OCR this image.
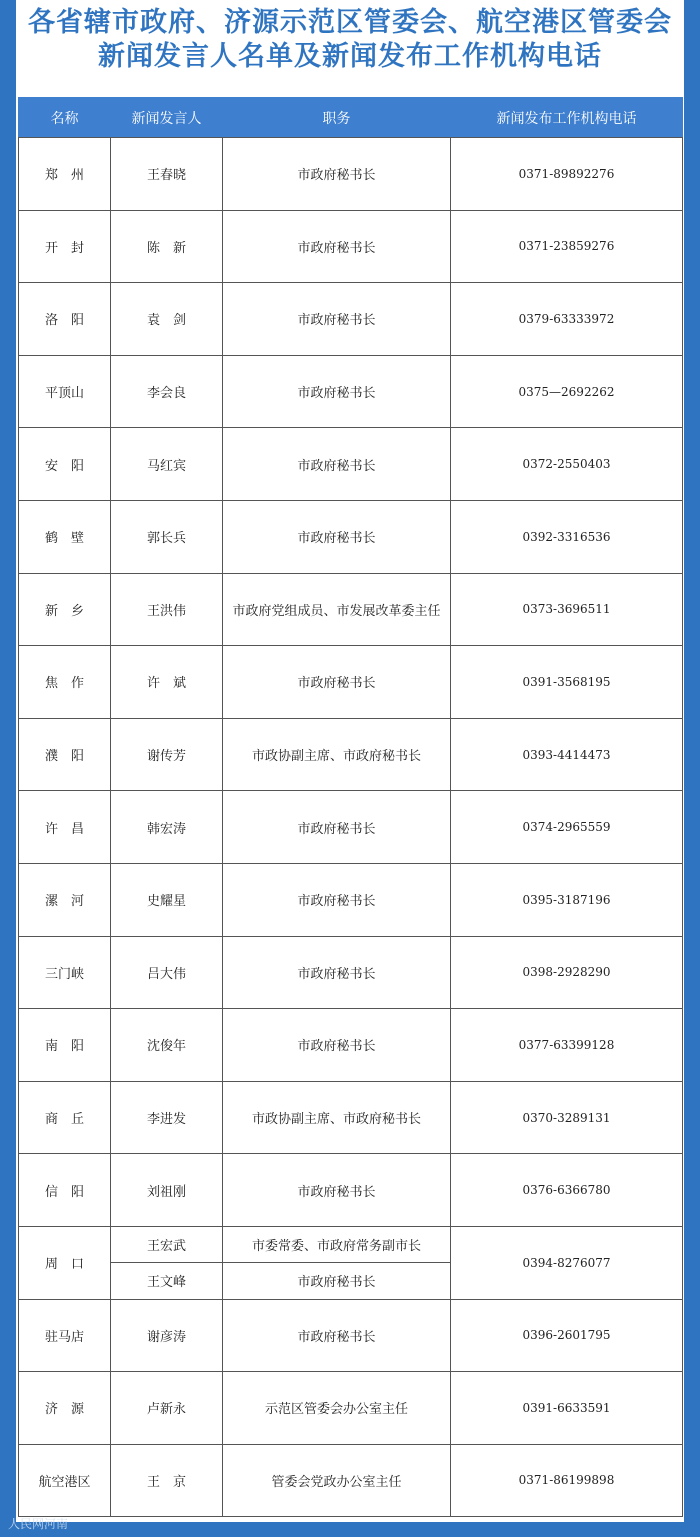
各省辖市政府、济源示范区管委会、航空港区管委会
新闻发言人名单及新闻发布工作机构电话
名称	新闻发言人	职务	新闻发布工作机构电话
郑　州	王春晓	市政府秘书长	0371-89892276
开　封	陈　新	市政府秘书长	0371-23859276
洛　阳	袁　剑	市政府秘书长	0379-63333972
平顶山	李会良	市政府秘书长	0375—2692262
安　阳	马红宾	市政府秘书长	0372-2550403
鹤　壁	郭长兵	市政府秘书长	0392-3316536
新　乡	王洪伟	市政府党组成员、市发展改革委主任	0373-3696511
焦　作	许　斌	市政府秘书长	0391-3568195
濮　阳	谢传芳	市政协副主席、市政府秘书长	0393-4414473
许　昌	韩宏涛	市政府秘书长	0374-2965559
漯　河	史耀星	市政府秘书长	0395-3187196
三门峡	吕大伟	市政府秘书长	0398-2928290
南　阳	沈俊年	市政府秘书长	0377-63399128
商　丘	李进发	市政协副主席、市政府秘书长	0370-3289131
信　阳	刘祖刚	市政府秘书长	0376-6366780
周　口	王宏武	市委常委、市政府常务副市长	0394-8276077
	王文峰	市政府秘书长	
驻马店	谢彦涛	市政府秘书长	0396-2601795
济　源	卢新永	示范区管委会办公室主任	0391-6633591
航空港区	王　京	管委会党政办公室主任	0371-86199898
人民网河南
